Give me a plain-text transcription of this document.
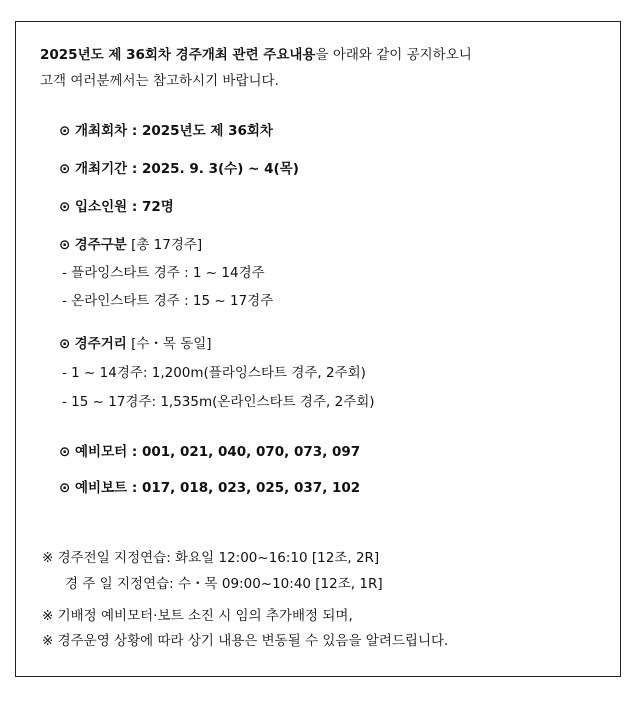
2025년도 제 36회차 경주개최 관련 주요내용을 아래와 같이 공지하오니
고객 여러분께서는 참고하시기 바랍니다.
⊙ 개최회차 : 2025년도 제 36회차
⊙ 개최기간 : 2025. 9. 3(수) ~ 4(목)
⊙ 입소인원 : 72명
⊙ 경주구분 [총 17경주]
- 플라잉스타트 경주 : 1 ~ 14경주
- 온라인스타트 경주 : 15 ~ 17경주
⊙ 경주거리 [수・목 동일]
- 1 ~ 14경주: 1,200m(플라잉스타트 경주, 2주회)
- 15 ~ 17경주: 1,535m(온라인스타트 경주, 2주회)
⊙ 예비모터 : 001, 021, 040, 070, 073, 097
⊙ 예비보트 : 017, 018, 023, 025, 037, 102
※ 경주전일 지정연습: 화요일 12:00~16:10 [12조, 2R]
경 주 일 지정연습: 수・목 09:00~10:40 [12조, 1R]
※ 기배정 예비모터·보트 소진 시 임의 추가배정 되며,
※ 경주운영 상황에 따라 상기 내용은 변동될 수 있음을 알려드립니다.
